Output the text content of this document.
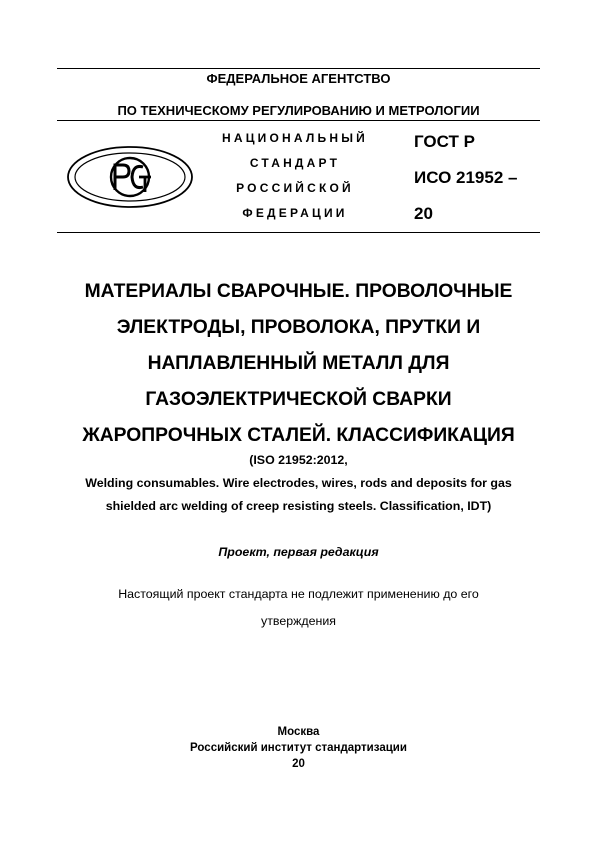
ФЕДЕРАЛЬНОЕ АГЕНТСТВО
ПО ТЕХНИЧЕСКОМУ РЕГУЛИРОВАНИЮ И МЕТРОЛОГИИ
НАЦИОНАЛЬНЫЙ
СТАНДАРТ
РОССИЙСКОЙ
ФЕДЕРАЦИИ
ГОСТ Р
ИСО 21952 –
20
МАТЕРИАЛЫ СВАРОЧНЫЕ. ПРОВОЛОЧНЫЕ
ЭЛЕКТРОДЫ, ПРОВОЛОКА, ПРУТКИ И
НАПЛАВЛЕННЫЙ МЕТАЛЛ ДЛЯ
ГАЗОЭЛЕКТРИЧЕСКОЙ СВАРКИ
ЖАРОПРОЧНЫХ СТАЛЕЙ. КЛАССИФИКАЦИЯ
(ISO 21952:2012,
Welding consumables. Wire electrodes, wires, rods and deposits for gas
shielded arc welding of creep resisting steels. Classification, IDT)
Проект, первая редакция
Настоящий проект стандарта не подлежит применению до его
утверждения
Москва
Российский институт стандартизации
20
